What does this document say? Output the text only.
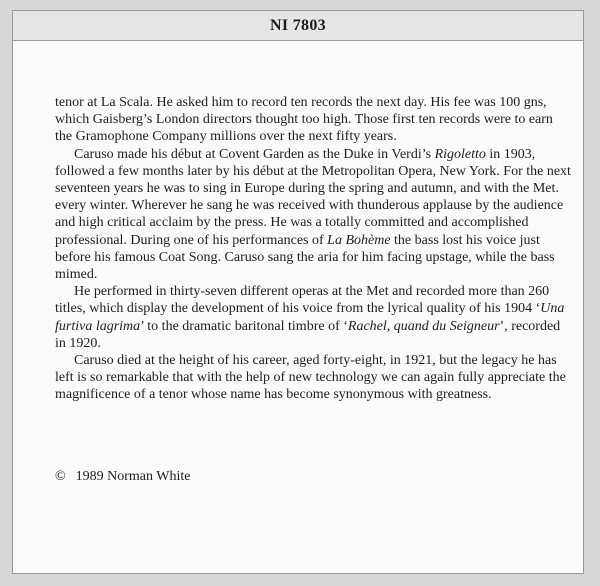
NI 7803

tenor at La Scala. He asked him to record ten records the next day. His fee was 100 gns, which Gaisberg’s London directors thought too high. Those first ten records were to earn the Gramophone Company millions over the next fifty years.

Caruso made his début at Covent Garden as the Duke in Verdi’s Rigoletto in 1903, followed a few months later by his début at the Metropolitan Opera, New York. For the next seventeen years he was to sing in Europe during the spring and autumn, and with the Met. every winter. Wherever he sang he was received with thunderous applause by the audience and high critical acclaim by the press. He was a totally committed and accomplished professional. During one of his performances of La Bohème the bass lost his voice just before his famous Coat Song. Caruso sang the aria for him facing upstage, while the bass mimed.

He performed in thirty-seven different operas at the Met and recorded more than 260 titles, which display the development of his voice from the lyrical quality of his 1904 ‘Una furtiva lagrima’ to the dramatic baritonal timbre of ‘Rachel, quand du Seigneur’, recorded in 1920.

Caruso died at the height of his career, aged forty-eight, in 1921, but the legacy he has left is so remarkable that with the help of new technology we can again fully appreciate the magnificence of a tenor whose name has become synonymous with greatness.

© 1989 Norman White
